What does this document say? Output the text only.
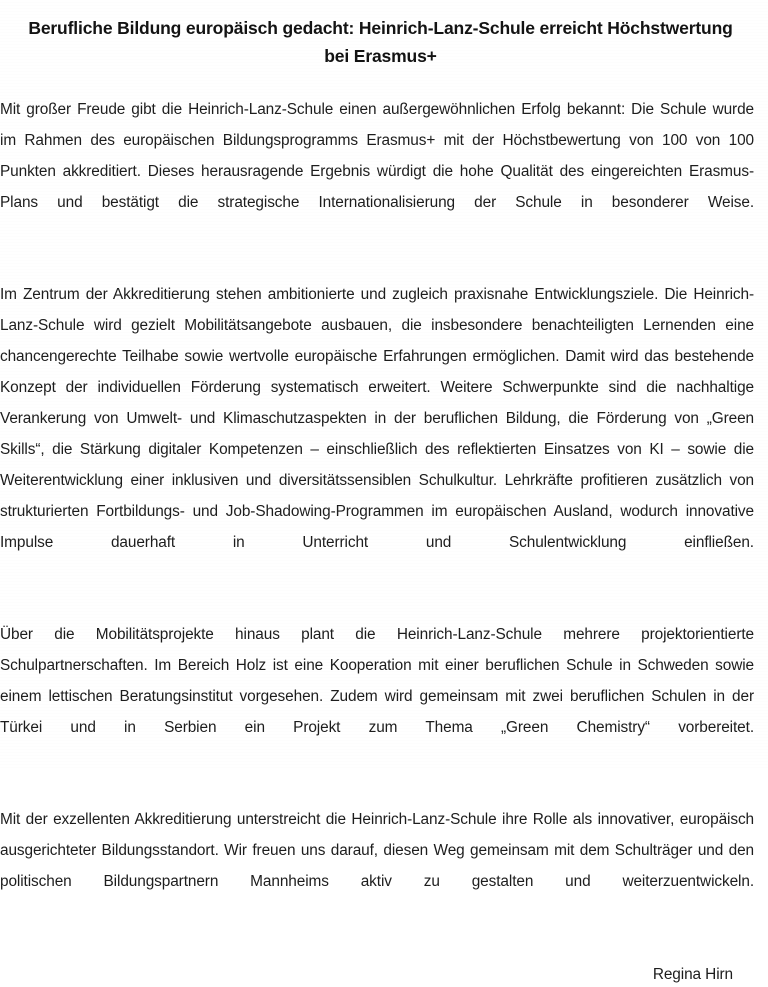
Berufliche Bildung europäisch gedacht: Heinrich-Lanz-Schule erreicht Höchstwertung
bei Erasmus+

Mit großer Freude gibt die Heinrich-Lanz-Schule einen außergewöhnlichen Erfolg bekannt: Die Schule wurde im Rahmen des europäischen Bildungsprogramms Erasmus+ mit der Höchstbewertung von 100 von 100 Punkten akkreditiert. Dieses herausragende Ergebnis würdigt die hohe Qualität des eingereichten Erasmus-Plans und bestätigt die strategische Internationalisierung der Schule in besonderer Weise.

Im Zentrum der Akkreditierung stehen ambitionierte und zugleich praxisnahe Entwicklungsziele. Die Heinrich-Lanz-Schule wird gezielt Mobilitätsangebote ausbauen, die insbesondere benachteiligten Lernenden eine chancengerechte Teilhabe sowie wertvolle europäische Erfahrungen ermöglichen. Damit wird das bestehende Konzept der individuellen Förderung systematisch erweitert. Weitere Schwerpunkte sind die nachhaltige Verankerung von Umwelt- und Klimaschutzaspekten in der beruflichen Bildung, die Förderung von „Green Skills“, die Stärkung digitaler Kompetenzen – einschließlich des reflektierten Einsatzes von KI – sowie die Weiterentwicklung einer inklusiven und diversitätssensiblen Schulkultur. Lehrkräfte profitieren zusätzlich von strukturierten Fortbildungs- und Job-Shadowing-Programmen im europäischen Ausland, wodurch innovative Impulse dauerhaft in Unterricht und Schulentwicklung einfließen.

Über die Mobilitätsprojekte hinaus plant die Heinrich-Lanz-Schule mehrere projektorientierte Schulpartnerschaften. Im Bereich Holz ist eine Kooperation mit einer beruflichen Schule in Schweden sowie einem lettischen Beratungsinstitut vorgesehen. Zudem wird gemeinsam mit zwei beruflichen Schulen in der Türkei und in Serbien ein Projekt zum Thema „Green Chemistry“ vorbereitet.

Mit der exzellenten Akkreditierung unterstreicht die Heinrich-Lanz-Schule ihre Rolle als innovativer, europäisch ausgerichteter Bildungsstandort. Wir freuen uns darauf, diesen Weg gemeinsam mit dem Schulträger und den politischen Bildungspartnern Mannheims aktiv zu gestalten und weiterzuentwickeln.

Regina Hirn
